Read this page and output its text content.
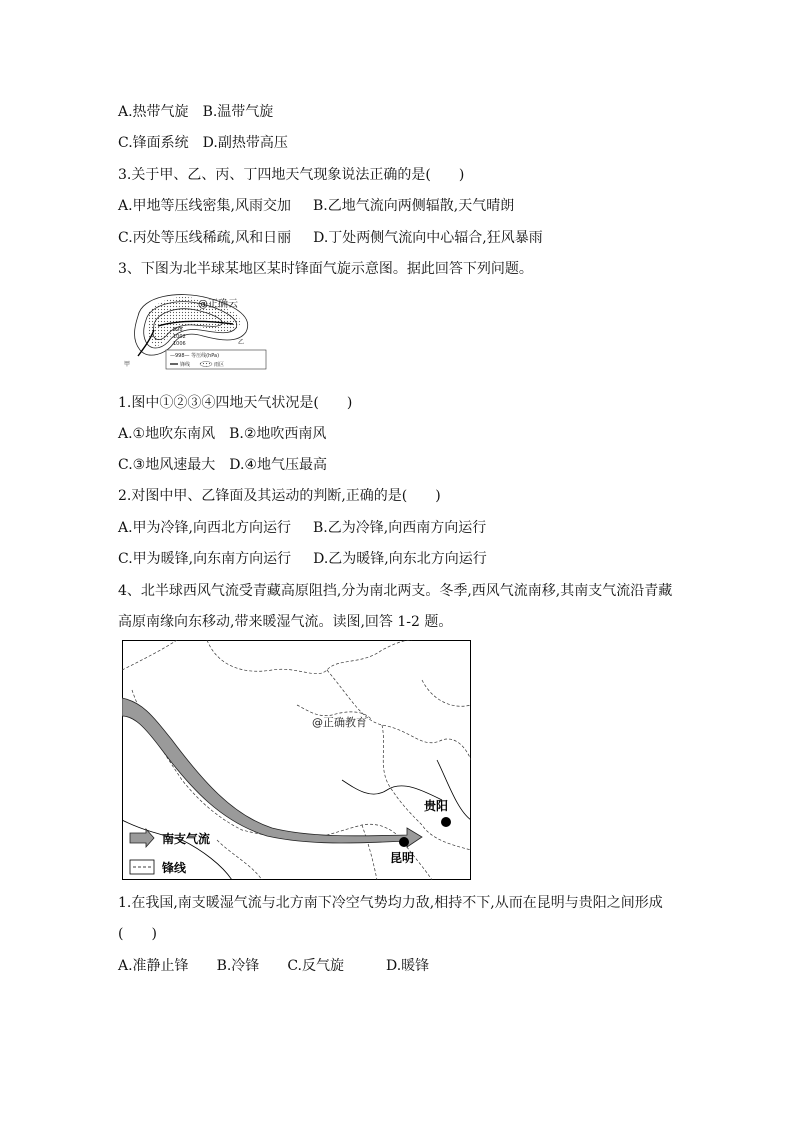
A.热带气旋 B.温带气旋
C.锋面系统 D.副热带高压
3.关于甲、乙、丙、丁四地天气现象说法正确的是(　　)
A.甲地等压线密集,风雨交加 B.乙地气流向两侧辐散,天气晴朗
C.丙处等压线稀疏,风和日丽 D.丁处两侧气流向中心辐合,狂风暴雨
3、下图为北半球某地区某时锋面气旋示意图。据此回答下列问题。
@正确云
998
1002
1006
甲
乙
—998— 等压线(hPa)
锋线	雨区
1.图中①②③④四地天气状况是(　　)
A.①地吹东南风 B.②地吹西南风
C.③地风速最大 D.④地气压最高
2.对图中甲、乙锋面及其运动的判断,正确的是(　　)
A.甲为冷锋,向西北方向运行 B.乙为冷锋,向西南方向运行
C.甲为暖锋,向东南方向运行 D.乙为暖锋,向东北方向运行
4、北半球西风气流受青藏高原阻挡,分为南北两支。冬季,西风气流南移,其南支气流沿青藏
高原南缘向东移动,带来暖湿气流。读图,回答 1-2 题。
@正确教育
贵阳
昆明
南支气流
锋线
1.在我国,南支暖湿气流与北方南下冷空气势均力敌,相持不下,从而在昆明与贵阳之间形成
(　　)
A.准静止锋 B.冷锋 C.反气旋	D.暖锋
